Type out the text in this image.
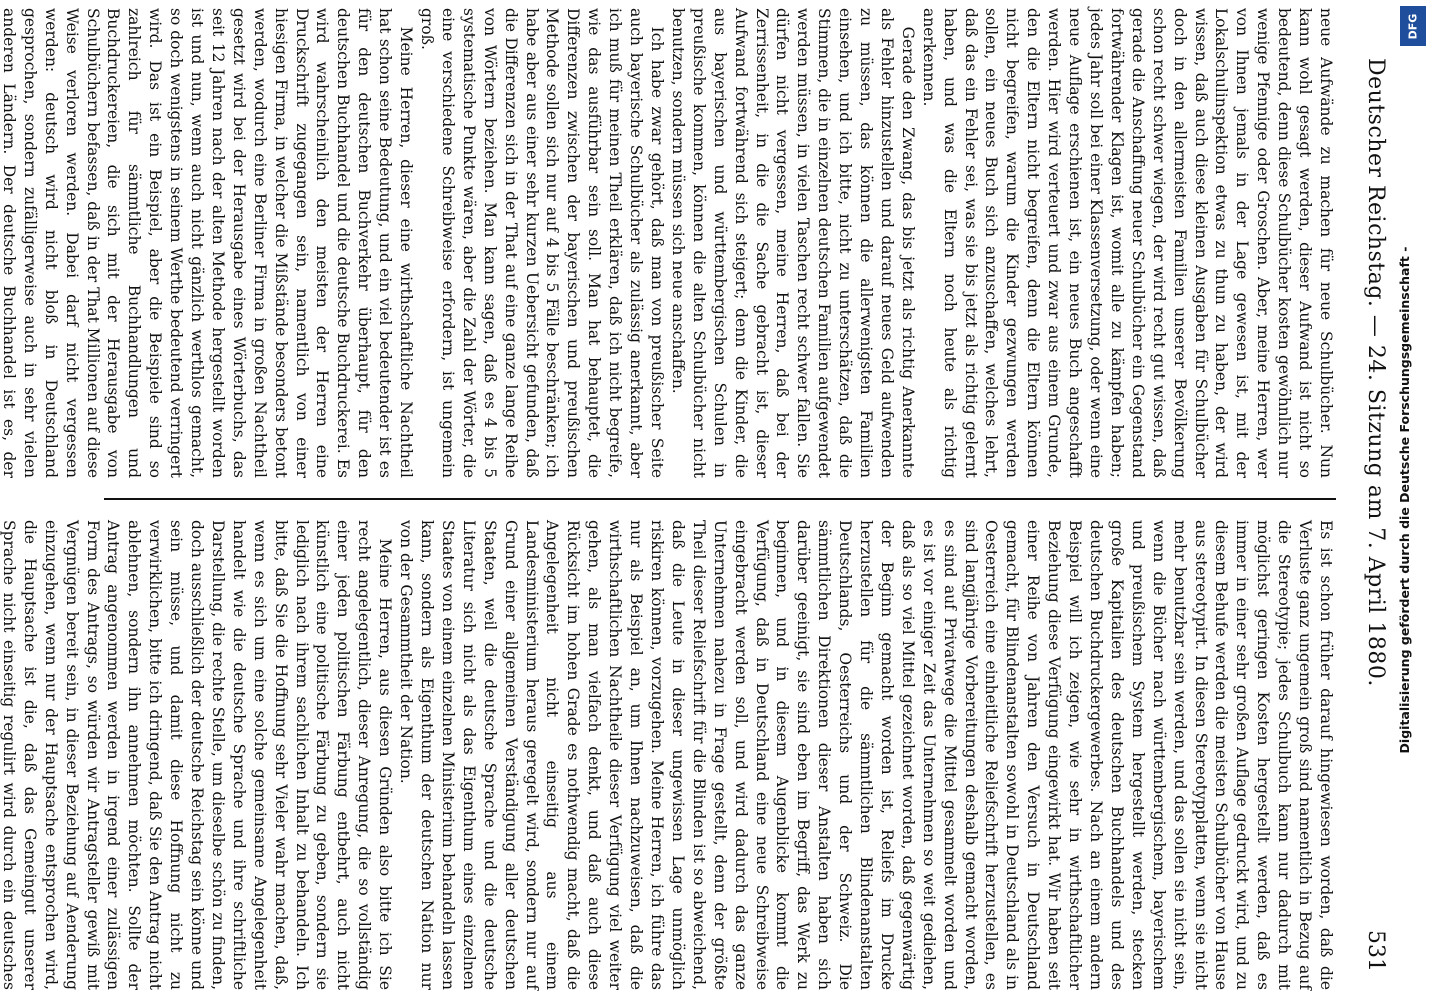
Deutscher Reichstag. — 24. Sitzung am 7. April 1880.
531

neue Aufwände zu machen für neue Schulbücher. Nun kann wohl gesagt werden, dieser Aufwand ist nicht so bedeutend, denn diese Schulbücher kosten gewöhnlich nur wenige Pfennige oder Groschen. Aber, meine Herren, wer von Ihnen jemals in der Lage gewesen ist, mit der Lokalschulinspektion etwas zu thun zu haben, der wird wissen, daß auch diese kleinen Ausgaben für Schulbücher doch in den allermeisten Familien unserer Bevölkerung schon recht schwer wiegen, der wird recht gut wissen, daß gerade die Anschaffung neuer Schulbücher ein Gegenstand fortwährender Klagen ist, womit alle zu kämpfen haben; jedes Jahr soll bei einer Klassenversetzung, oder wenn eine neue Auflage erschienen ist, ein neues Buch angeschafft werden. Hier wird verteuert und zwar aus einem Grunde, den die Eltern nicht begreifen, denn die Eltern können nicht begreifen, warum die Kinder gezwungen werden sollen, ein neues Buch sich anzuschaffen, welches lehrt, daß das ein Fehler sei, was sie bis jetzt als richtig gelernt haben, und was die Eltern noch heute als richtig anerkennen.

Gerade den Zwang, das bis jetzt als richtig Anerkannte als Fehler hinzustellen und darauf neues Geld aufwenden zu müssen, das können die allerwenigsten Familien einsehen, und ich bitte, nicht zu unterschätzen, daß die Stimmen, die in einzelnen deutschen Familien aufgewendet werden müssen, in vielen Taschen recht schwer fallen. Sie dürfen nicht vergessen, meine Herren, daß bei der Zerrissenheit, in die die Sache gebracht ist, dieser Aufwand fortwährend sich steigert; denn die Kinder, die aus bayerischen und württembergischen Schulen in preußische kommen, können die alten Schulbücher nicht benutzen, sondern müssen sich neue anschaffen.

Ich habe zwar gehört, daß man von preußischer Seite auch bayerische Schulbücher als zulässig anerkannt, aber ich muß für meinen Theil erklären, daß ich nicht begreife, wie das ausführbar sein soll. Man hat behauptet, die Differenzen zwischen der bayerischen und preußischen Methode sollen sich nur auf 4 bis 5 Fälle beschränken; ich habe aber aus einer sehr kurzen Uebersicht gefunden, daß die Differenzen sich in der That auf eine ganze lange Reihe von Wörtern beziehen. Man kann sagen, daß es 4 bis 5 systematische Punkte wären, aber die Zahl der Wörter, die eine verschiedene Schreibweise erfordern, ist ungemein groß.

Meine Herren, dieser eine wirthschaftliche Nachtheil hat schon seine Bedeutung, und ein viel bedeutender ist es für den deutschen Buchverkehr überhaupt, für den deutschen Buchhandel und die deutsche Buchdruckerei. Es wird wahrscheinlich den meisten der Herren eine Druckschrift zugegangen sein, namentlich von einer hiesigen Firma, in welcher die Mißstände besonders betont werden, wodurch eine Berliner Firma in großen Nachtheil gesetzt wird bei der Herausgabe eines Wörterbuchs, das seit 12 Jahren nach der alten Methode hergestellt worden ist und nun, wenn auch nicht gänzlich werthlos gemacht, so doch wenigstens in seinem Werthe bedeutend verringert wird. Das ist ein Beispiel, aber die Beispiele sind so zahlreich für sämmtliche Buchhandlungen und Buchdruckereien, die sich mit der Herausgabe von Schulbüchern befassen, daß in der That Millionen auf diese Weise verloren werden. Dabei darf nicht vergessen werden: deutsch wird nicht bloß in Deutschland gesprochen, sondern zufälligerweise auch in sehr vielen anderen Ländern. Der deutsche Buchhandel ist es, der

Es ist schon früher darauf hingewiesen worden, daß die Verluste ganz ungemein groß sind namentlich in Bezug auf die Stereotypie; jedes Schulbuch kann nur dadurch mit möglichst geringen Kosten hergestellt werden, daß es immer in einer sehr großen Auflage gedruckt wird, und zu diesem Behufe werden die meisten Schulbücher von Hause aus stereotypirt. In diesen Stereotypplatten, wenn sie nicht mehr benutzbar sein werden, und das sollen sie nicht sein, wenn die Bücher nach württembergischem, bayerischem und preußischem System hergestellt werden, stecken große Kapitalien des deutschen Buchhandels und des deutschen Buchdruckergewerbes. Nach an einem andern Beispiel will ich zeigen, wie sehr in wirthschaftlicher Beziehung diese Verfügung eingewirkt hat. Wir haben seit einer Reihe von Jahren den Versuch in Deutschland gemacht, für Blindenanstalten sowohl in Deutschland als in Oesterreich eine einheitliche Reliefschrift herzustellen, es sind langjährige Vorbereitungen deshalb gemacht worden, es sind auf Privatwege die Mittel gesammelt worden und es ist vor einiger Zeit das Unternehmen so weit gediehen, daß als so viel Mittel gezeichnet worden, daß gegenwärtig der Beginn gemacht worden ist, Reliefs im Drucke herzustellen für die sämmtlichen Blindenanstalten Deutschlands, Oesterreichs und der Schweiz. Die sämmtlichen Direktionen dieser Anstalten haben sich darüber geeinigt, sie sind eben im Begriff, das Werk zu beginnen, und in diesem Augenblicke kommt die Verfügung, daß in Deutschland eine neue Schreibweise eingebracht werden soll, und wird dadurch das ganze Unternehmen nahezu in Frage gestellt, denn der größte Theil dieser Reliefschrift für die Blinden ist so abweichend, daß die Leute in dieser ungewissen Lage unmöglich riskiren können, vorzugehen. Meine Herren, ich führe das nur als Beispiel an, um Ihnen nachzuweisen, daß die wirthschaftlichen Nachtheile dieser Verfügung viel weiter gehen, als man vielfach denkt, und daß auch diese Rücksicht im hohen Grade es nothwendig macht, daß die Angelegenheit nicht einseitig aus einem Landesministerium heraus geregelt wird, sondern nur auf Grund einer allgemeinen Verständigung aller deutschen Staaten, weil die deutsche Sprache und die deutsche Literatur sich nicht als das Eigenthum eines einzelnen Staates von einem einzelnen Ministerium behandeln lassen kann, sondern als Eigenthum der deutschen Nation nur von der Gesammtheit der Nation.

Meine Herren, aus diesen Gründen also bitte ich Sie recht angelegentlich, dieser Anregung, die so vollständig einer jeden politischen Färbung entbehrt, auch nicht künstlich eine politische Färbung zu geben, sondern sie lediglich nach ihrem sachlichen Inhalt zu behandeln. Ich bitte, daß Sie die Hoffnung sehr Vieler wahr machen, daß, wenn es sich um eine solche gemeinsame Angelegenheit handelt wie die deutsche Sprache und ihre schriftliche Darstellung, die rechte Stelle, um dieselbe schön zu finden, doch ausschließlich der deutsche Reichstag sein könne und sein müsse, und damit diese Hoffnung nicht zu verwirklichen, bitte ich dringend, daß Sie den Antrag nicht ablehnen, sondern ihn annehmen möchten. Sollte der Antrag angenommen werden in irgend einer zulässigen Form des Antrags, so würden wir Antragsteller gewiß mit Vergnügen bereit sein, in dieser Beziehung auf Aenderung einzugehen, wenn nur der Hauptsache entsprochen wird, die Hauptsache ist die, daß das Gemeingut unserer Sprache nicht einseitig regulirt wird durch ein deutsches

Digitalisierung gefördert durch die Deutsche Forschungsgemeinschaft -
DFG
